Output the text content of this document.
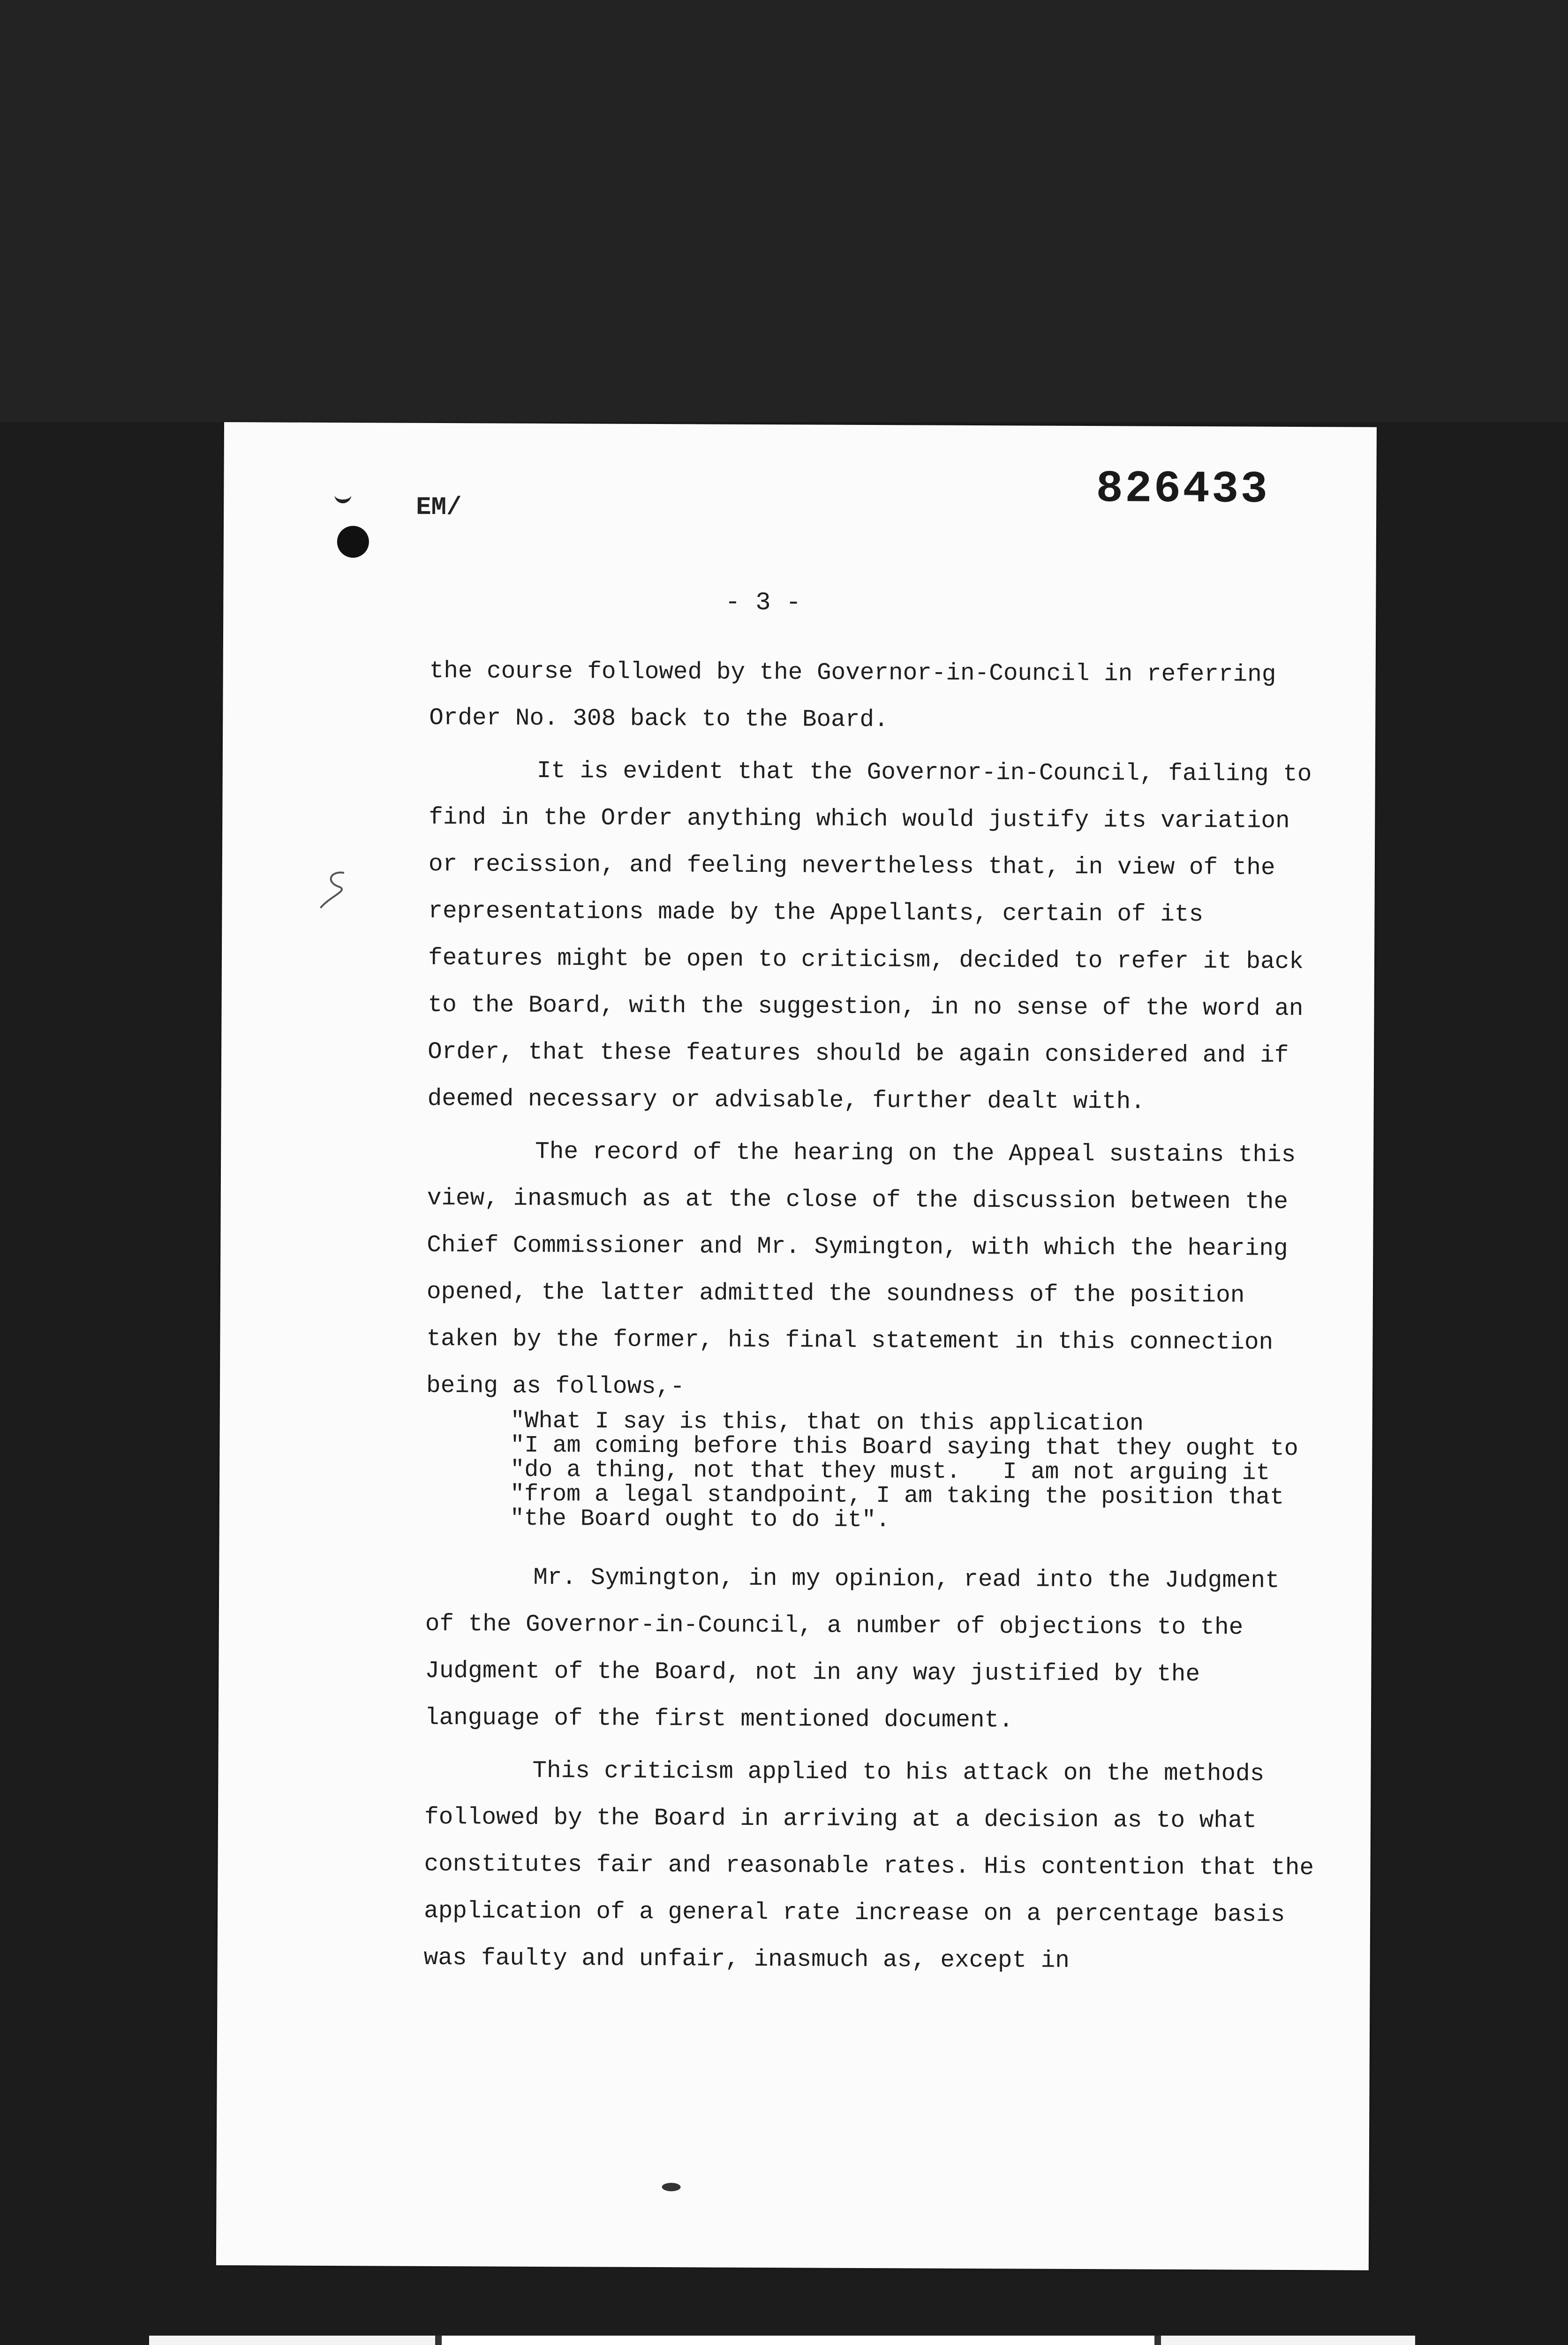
EM/	826433
- 3 -

the course followed by the Governor-in-Council in referring Order No. 308 back to the Board.

It is evident that the Governor-in-Council, failing to find in the Order anything which would justify its variation or recission, and feeling nevertheless that, in view of the representations made by the Appellants, certain of its features might be open to criticism, decided to refer it back to the Board, with the suggestion, in no sense of the word an Order, that these features should be again considered and if deemed necessary or advisable, further dealt with.

The record of the hearing on the Appeal sustains this view, inasmuch as at the close of the discussion between the Chief Commissioner and Mr. Symington, with which the hearing opened, the latter admitted the soundness of the position taken by the former, his final statement in this connection being as follows,-

"What I say is this, that on this application
"I am coming before this Board saying that they ought to
"do a thing, not that they must.   I am not arguing it
"from a legal standpoint, I am taking the position that
"the Board ought to do it".

Mr. Symington, in my opinion, read into the Judgment of the Governor-in-Council, a number of objections to the Judgment of the Board, not in any way justified by the language of the first mentioned document.

This criticism applied to his attack on the methods followed by the Board in arriving at a decision as to what constitutes fair and reasonable rates. His contention that the application of a general rate increase on a percentage basis was faulty and unfair, inasmuch as, except in
